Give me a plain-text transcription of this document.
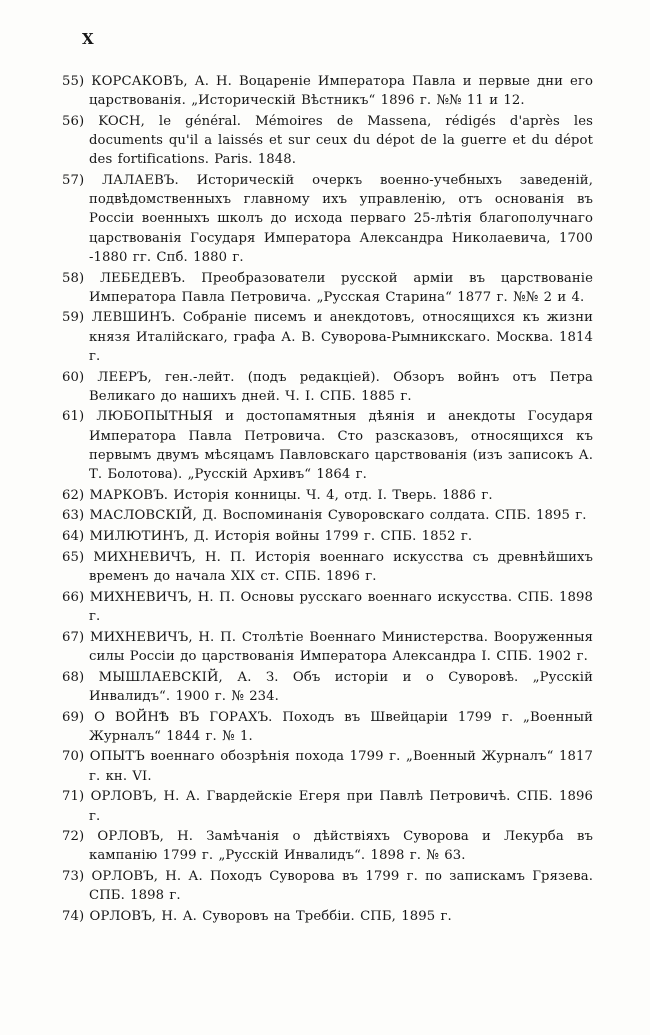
X
55) КОРСАКОВЪ, А. Н. Воцареніе Императора Павла и первые дни его царствованія. „Историческій Вѣстникъ“ 1896 г. №№ 11 и 12.
56) KOCH, le général. Mémoires de Massena, rédigés d'après les documents qu'il a laissés et sur ceux du dépot de la guerre et du dépot des fortifications. Paris. 1848.
57) ЛАЛАЕВЪ. Историческій очеркъ военно-учебныхъ заведеній, подвѣдомственныхъ главному ихъ управленію, отъ основанія въ Россіи военныхъ школъ до исхода перваго 25-лѣтія благополучнаго царствованія Государя Императора Александра Николаевича, 1700 -1880 гг. Спб. 1880 г.
58) ЛЕБЕДЕВЪ. Преобразователи русской арміи въ царствованіе Императора Павла Петровича. „Русская Старина“ 1877 г. №№ 2 и 4.
59) ЛЕВШИНЪ. Собраніе писемъ и анекдотовъ, относящихся къ жизни князя Италійскаго, графа А. В. Суворова-Рымникскаго. Москва. 1814 г.
60) ЛЕЕРЪ, ген.-лейт. (подъ редакціей). Обзоръ войнъ отъ Петра Великаго до нашихъ дней. Ч. I. СПБ. 1885 г.
61) ЛЮБОПЫТНЫЯ и достопамятныя дѣянія и анекдоты Государя Императора Павла Петровича. Сто разсказовъ, относящихся къ первымъ двумъ мѣсяцамъ Павловскаго царствованія (изъ записокъ А. Т. Болотова). „Русскій Архивъ“ 1864 г.
62) МАРКОВЪ. Исторія конницы. Ч. 4, отд. I. Тверь. 1886 г.
63) МАСЛОВСКІЙ, Д. Воспоминанія Суворовскаго солдата. СПБ. 1895 г.
64) МИЛЮТИНЪ, Д. Исторія войны 1799 г. СПБ. 1852 г.
65) МИХНЕВИЧЪ, Н. П. Исторія военнаго искусства съ древнѣйшихъ временъ до начала XIX ст. СПБ. 1896 г.
66) МИХНЕВИЧЪ, Н. П. Основы русскаго военнаго искусства. СПБ. 1898 г.
67) МИХНЕВИЧЪ, Н. П. Столѣтіе Военнаго Министерства. Вооруженныя силы Россіи до царствованія Императора Александра I. СПБ. 1902 г.
68) МЫШЛАЕВСКІЙ, А. З. Объ исторіи и о Суворовѣ. „Русскій Инвалидъ“. 1900 г. № 234.
69) О ВОЙНѢ ВЪ ГОРАХЪ. Походъ въ Швейцаріи 1799 г. „Военный Журналъ“ 1844 г. № 1.
70) ОПЫТЪ военнаго обозрѣнія похода 1799 г. „Военный Журналъ“ 1817 г. кн. VI.
71) ОРЛОВЪ, Н. А. Гвардейскіе Егеря при Павлѣ Петровичѣ. СПБ. 1896 г.
72) ОРЛОВЪ, Н. Замѣчанія о дѣйствіяхъ Суворова и Лекурба въ кампанію 1799 г. „Русскій Инвалидъ“. 1898 г. № 63.
73) ОРЛОВЪ, Н. А. Походъ Суворова въ 1799 г. по запискамъ Грязева. СПБ. 1898 г.
74) ОРЛОВЪ, Н. А. Суворовъ на Треббіи. СПБ, 1895 г.
